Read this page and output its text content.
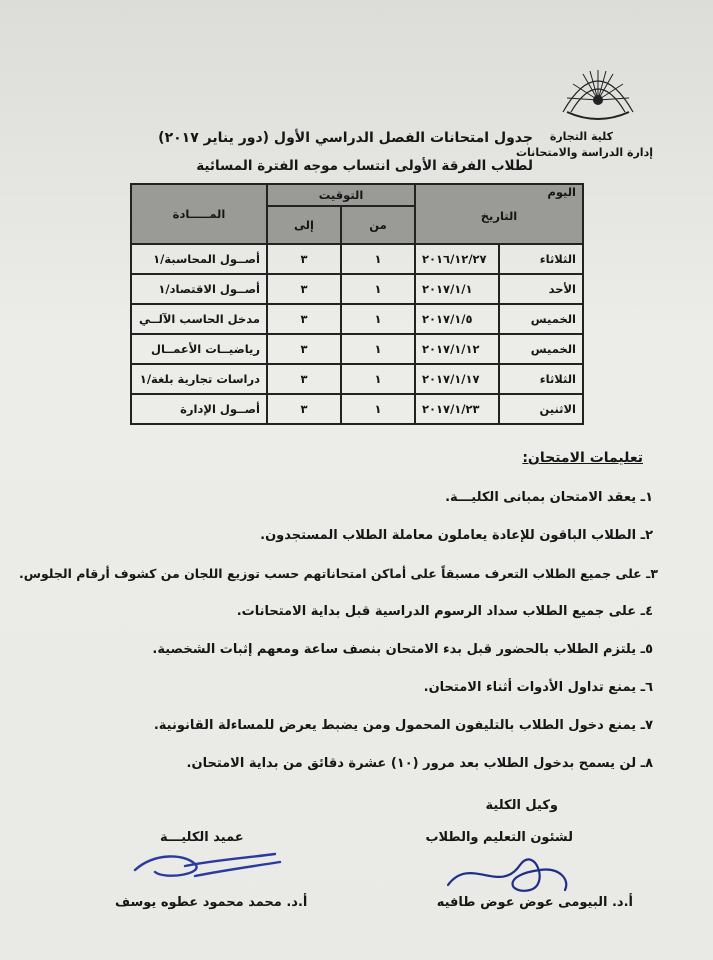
كلية التجارة
إدارة الدراسة والامتحانات
جدول امتحانات الفصل الدراسي الأول (دور يناير ٢٠١٧)
لطلاب الفرقة الأولى انتساب موجه الفترة المسائية
اليوم
التاريخ		التوقيت		المـــــادة
		من	إلى	
الثلاثاء	٢٠١٦/١٢/٢٧	١	٣	أصــول المحاسبة/١
الأحد	٢٠١٧/١/١	١	٣	أصــول الاقتصاد/١
الخميس	٢٠١٧/١/٥	١	٣	مدخل الحاسب الآلــي
الخميس	٢٠١٧/١/١٢	١	٣	رياضيــات الأعمــال
الثلاثاء	٢٠١٧/١/١٧	١	٣	دراسات تجارية بلغة/١
الاثنين	٢٠١٧/١/٢٣	١	٣	أصــول الإدارة
تعليمات الامتحان:
١ـ يعقد الامتحان بمبانى الكليـــة.
٢ـ الطلاب الباقون للإعادة يعاملون معاملة الطلاب المستجدون.
٣ـ على جميع الطلاب التعرف مسبقاً على أماكن امتحاناتهم حسب توزيع اللجان من كشوف أرقام الجلوس.
٤ـ على جميع الطلاب سداد الرسوم الدراسية قبل بداية الامتحانات.
٥ـ يلتزم الطلاب بالحضور قبل بدء الامتحان بنصف ساعة ومعهم إثبات الشخصية.
٦ـ يمنع تداول الأدوات أثناء الامتحان.
٧ـ يمنع دخول الطلاب بالتليفون المحمول ومن يضبط يعرض للمساءلة القانونية.
٨ـ لن يسمح بدخول الطلاب بعد مرور (١٠) عشرة دقائق من بداية الامتحان.
وكيل الكلية
لشئون التعليم والطلاب
عميد الكليـــة
أ.د. البيومى عوض عوض طافيه
أ.د. محمد محمود عطوه يوسف
